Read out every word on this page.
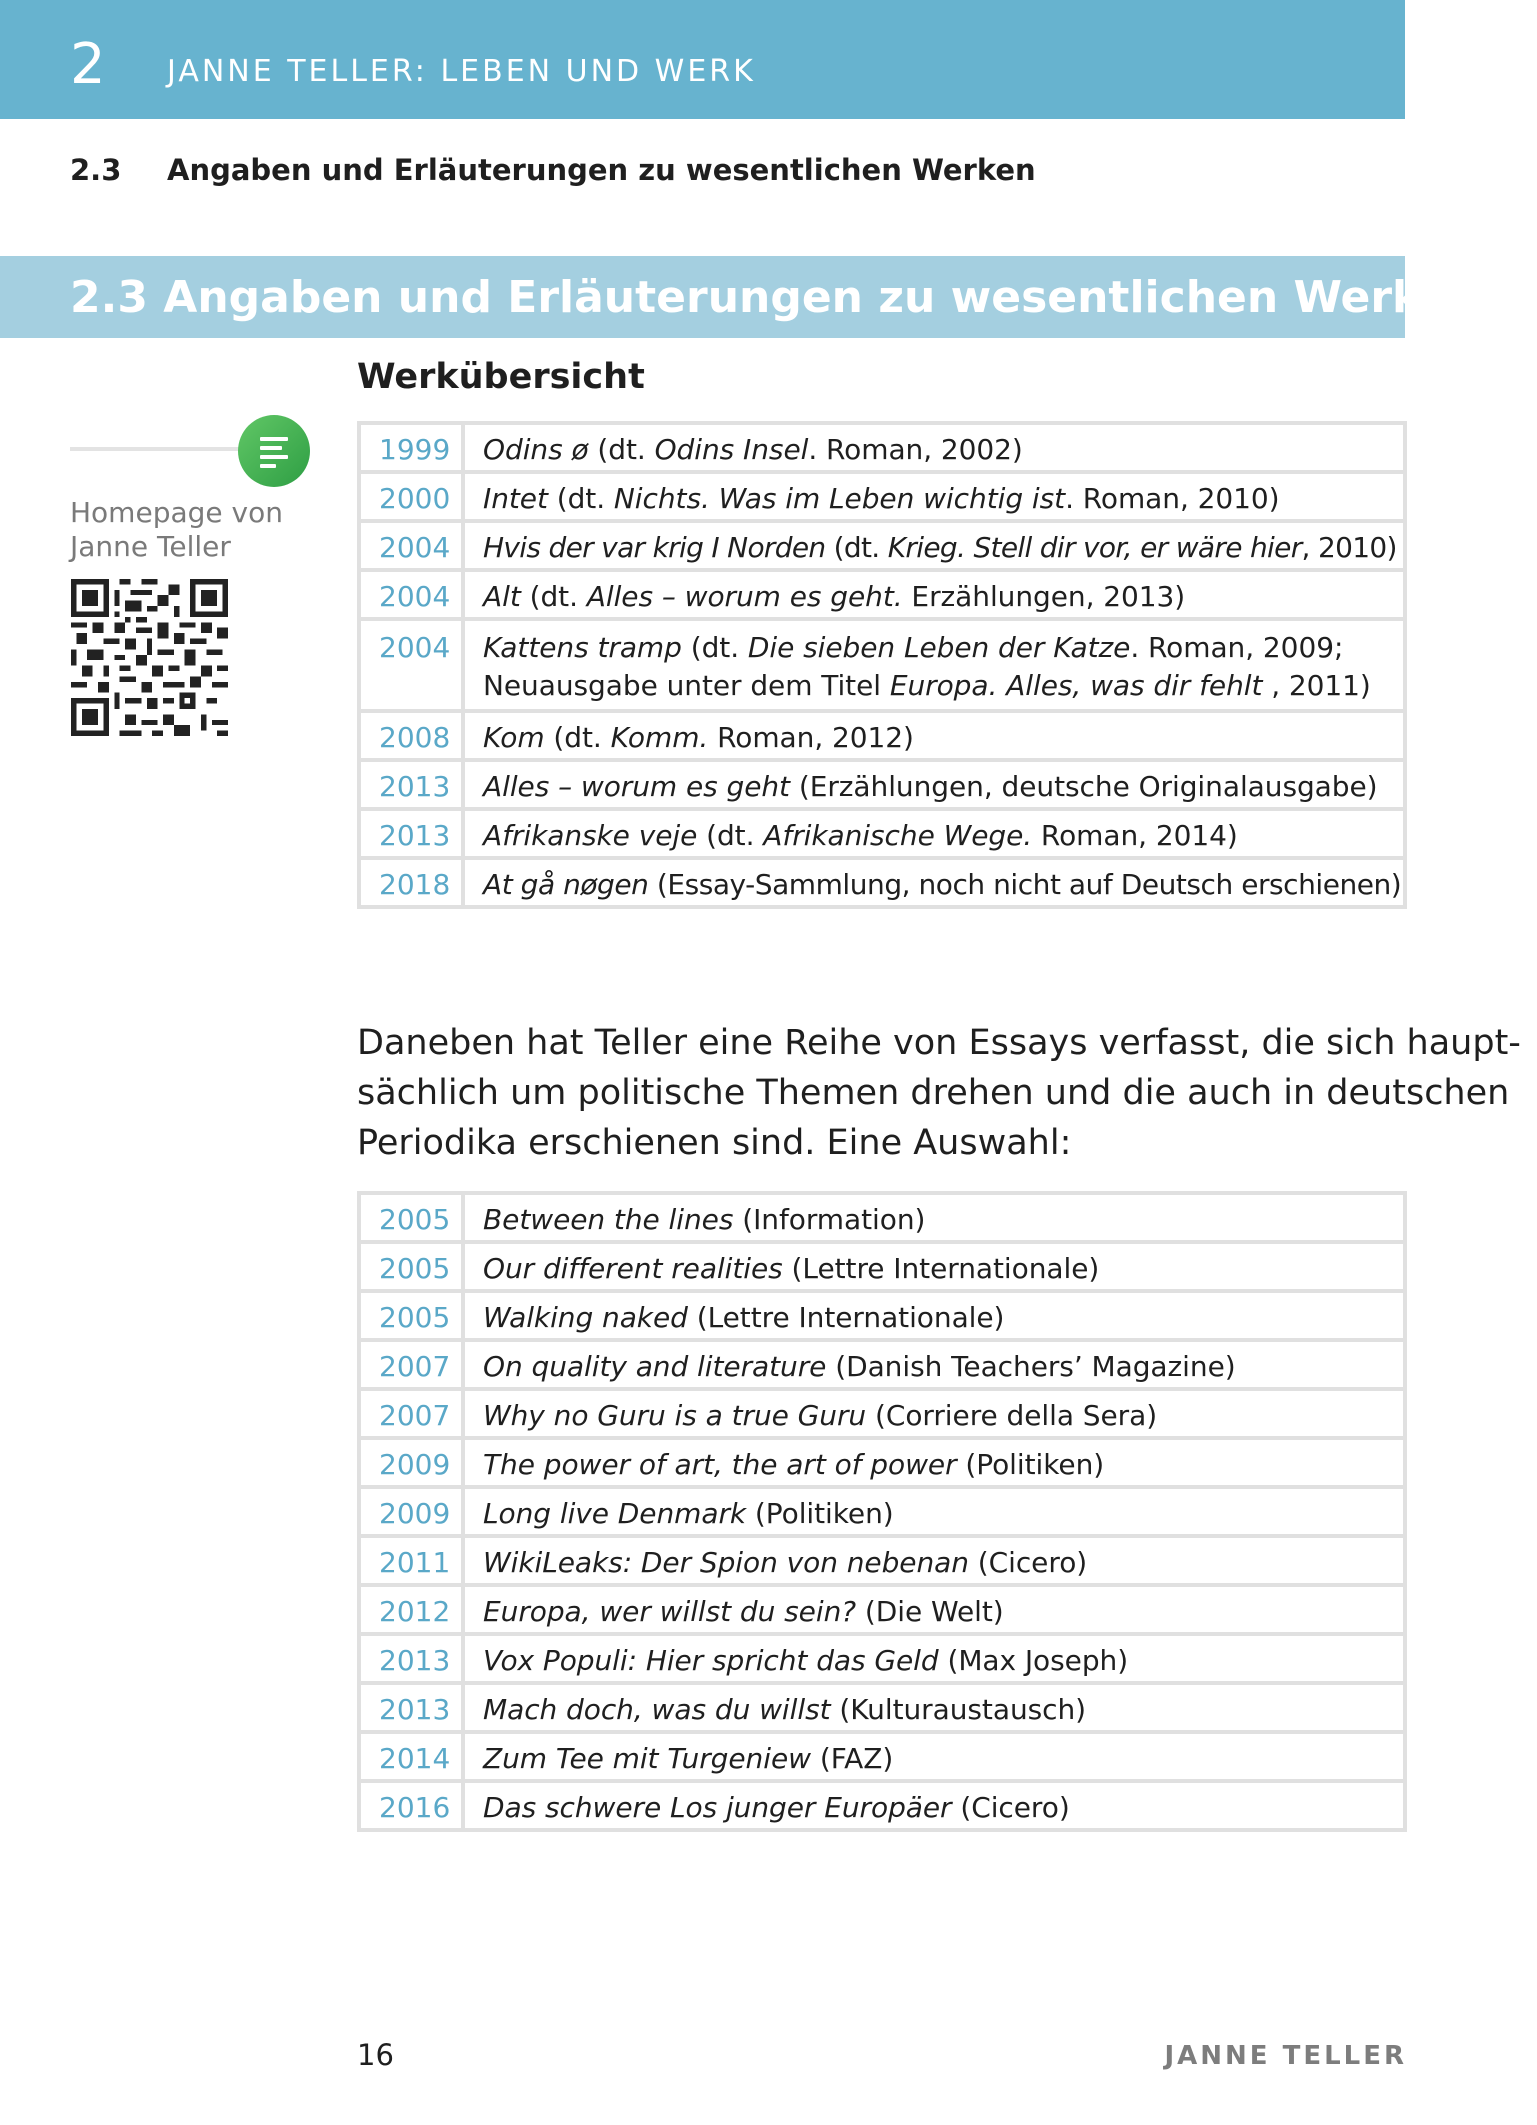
2 JANNE TELLER: LEBEN UND WERK
2.3 Angaben und Erläuterungen zu wesentlichen Werken
2.3 Angaben und Erläuterungen zu wesentlichen Werken
Werkübersicht
Homepage von
Janne Teller
1999	Odins ø (dt. Odins Insel. Roman, 2002)

2000	Intet (dt. Nichts. Was im Leben wichtig ist. Roman, 2010)

2004	Hvis der var krig I Norden (dt. Krieg. Stell dir vor, er wäre hier, 2010)

2004	Alt (dt. Alles – worum es geht. Erzählungen, 2013)

2004	Kattens tramp (dt. Die sieben Leben der Katze. Roman, 2009;
Neuausgabe unter dem Titel Europa. Alles, was dir fehlt , 2011)

2008	Kom (dt. Komm. Roman, 2012)

2013	Alles – worum es geht (Erzählungen, deutsche Originalausgabe)

2013	Afrikanske veje (dt. Afrikanische Wege. Roman, 2014)

2018	At gå nøgen (Essay-Sammlung, noch nicht auf Deutsch erschienen)
Daneben hat Teller eine Reihe von Essays verfasst, die sich haupt-
sächlich um politische Themen drehen und die auch in deutschen
Periodika erschienen sind. Eine Auswahl:
2005	Between the lines (Information)

2005	Our different realities (Lettre Internationale)

2005	Walking naked (Lettre Internationale)

2007	On quality and literature (Danish Teachers’ Magazine)

2007	Why no Guru is a true Guru (Corriere della Sera)

2009	The power of art, the art of power (Politiken)

2009	Long live Denmark (Politiken)

2011	WikiLeaks: Der Spion von nebenan (Cicero)

2012	Europa, wer willst du sein? (Die Welt)

2013	Vox Populi: Hier spricht das Geld (Max Joseph)

2013	Mach doch, was du willst (Kulturaustausch)

2014	Zum Tee mit Turgeniew (FAZ)

2016	Das schwere Los junger Europäer (Cicero)
16	JANNE TELLER
